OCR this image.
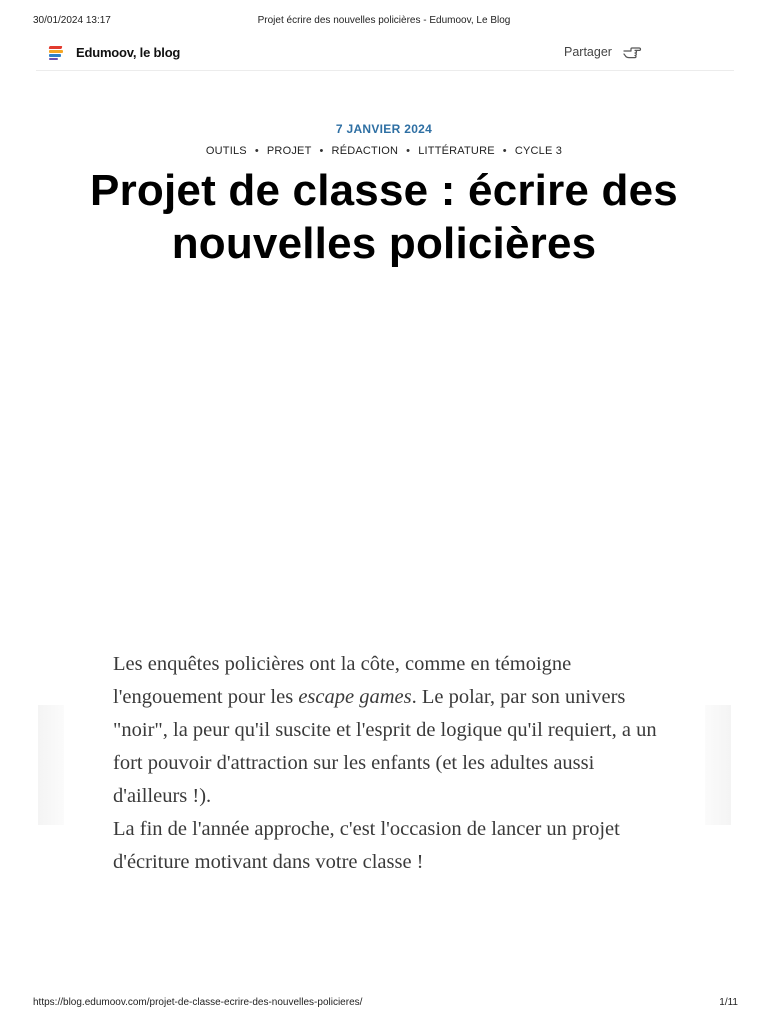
30/01/2024 13:17	Projet écrire des nouvelles policières - Edumoov, Le Blog
Edumoov, le blog	Partager
7 JANVIER 2024
OUTILS • PROJET • RÉDACTION • LITTÉRATURE • CYCLE 3
Projet de classe : écrire des nouvelles policières

Les enquêtes policières ont la côte, comme en témoigne l'engouement pour les escape games. Le polar, par son univers "noir", la peur qu'il suscite et l'esprit de logique qu'il requiert, a un fort pouvoir d'attraction sur les enfants (et les adultes aussi d'ailleurs !).

La fin de l'année approche, c'est l'occasion de lancer un projet d'écriture motivant dans votre classe !

https://blog.edumoov.com/projet-de-classe-ecrire-des-nouvelles-policieres/	1/11
